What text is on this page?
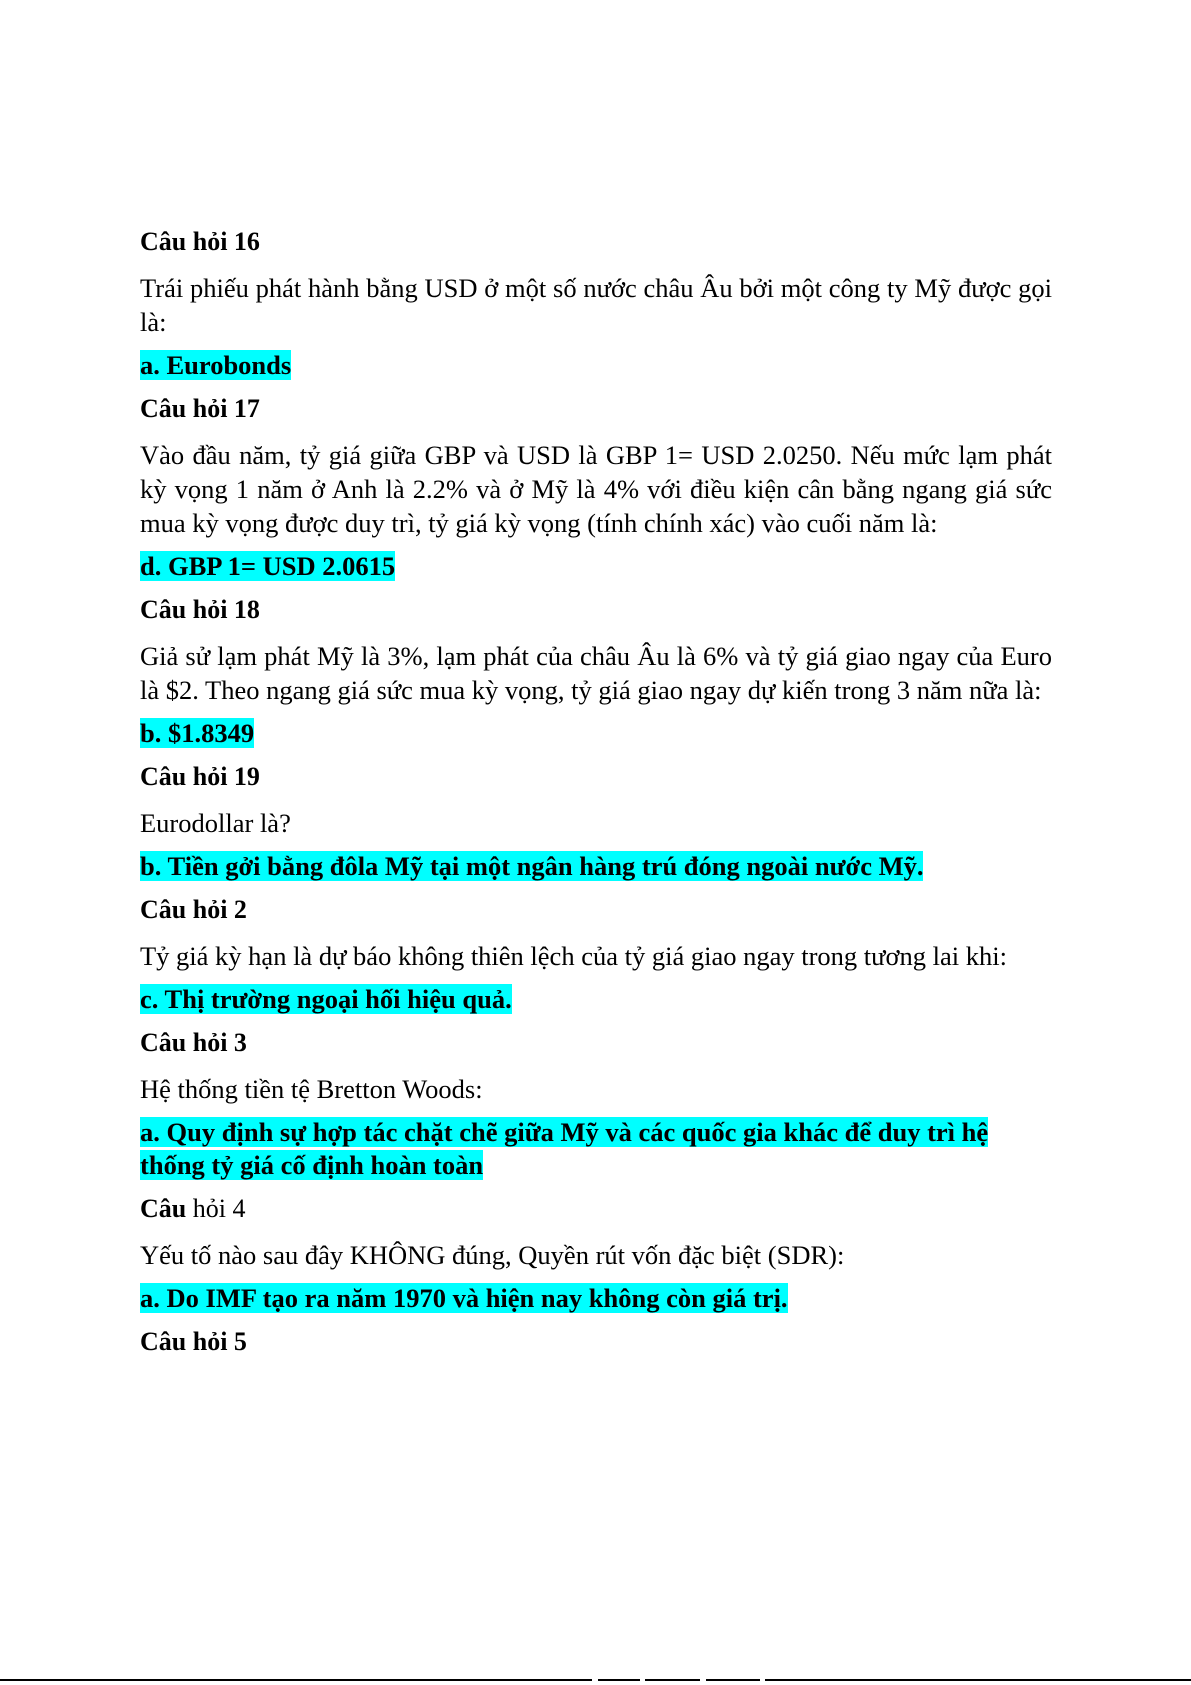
Câu hỏi 16
Trái phiếu phát hành bằng USD ở một số nước châu Âu bởi một công ty Mỹ được gọi là:
a. Eurobonds
Câu hỏi 17
Vào đầu năm, tỷ giá giữa GBP và USD là GBP 1= USD 2.0250. Nếu mức lạm phát kỳ vọng 1 năm ở Anh là 2.2% và ở Mỹ là 4% với điều kiện cân bằng ngang giá sức mua kỳ vọng được duy trì, tỷ giá kỳ vọng (tính chính xác) vào cuối năm là:
d. GBP 1= USD 2.0615
Câu hỏi 18
Giả sử lạm phát Mỹ là 3%, lạm phát của châu Âu là 6% và tỷ giá giao ngay của Euro là $2. Theo ngang giá sức mua kỳ vọng, tỷ giá giao ngay dự kiến trong 3 năm nữa là:
b. $1.8349
Câu hỏi 19
Eurodollar là?
b. Tiền gởi bằng đôla Mỹ tại một ngân hàng trú đóng ngoài nước Mỹ.
Câu hỏi 2
Tỷ giá kỳ hạn là dự báo không thiên lệch của tỷ giá giao ngay trong tương lai khi:
c. Thị trường ngoại hối hiệu quả.
Câu hỏi 3
Hệ thống tiền tệ Bretton Woods:
a. Quy định sự hợp tác chặt chẽ giữa Mỹ và các quốc gia khác để duy trì hệ thống tỷ giá cố định hoàn toàn
Câu hỏi 4
Yếu tố nào sau đây KHÔNG đúng, Quyền rút vốn đặc biệt (SDR):
a. Do IMF tạo ra năm 1970 và hiện nay không còn giá trị.
Câu hỏi 5
